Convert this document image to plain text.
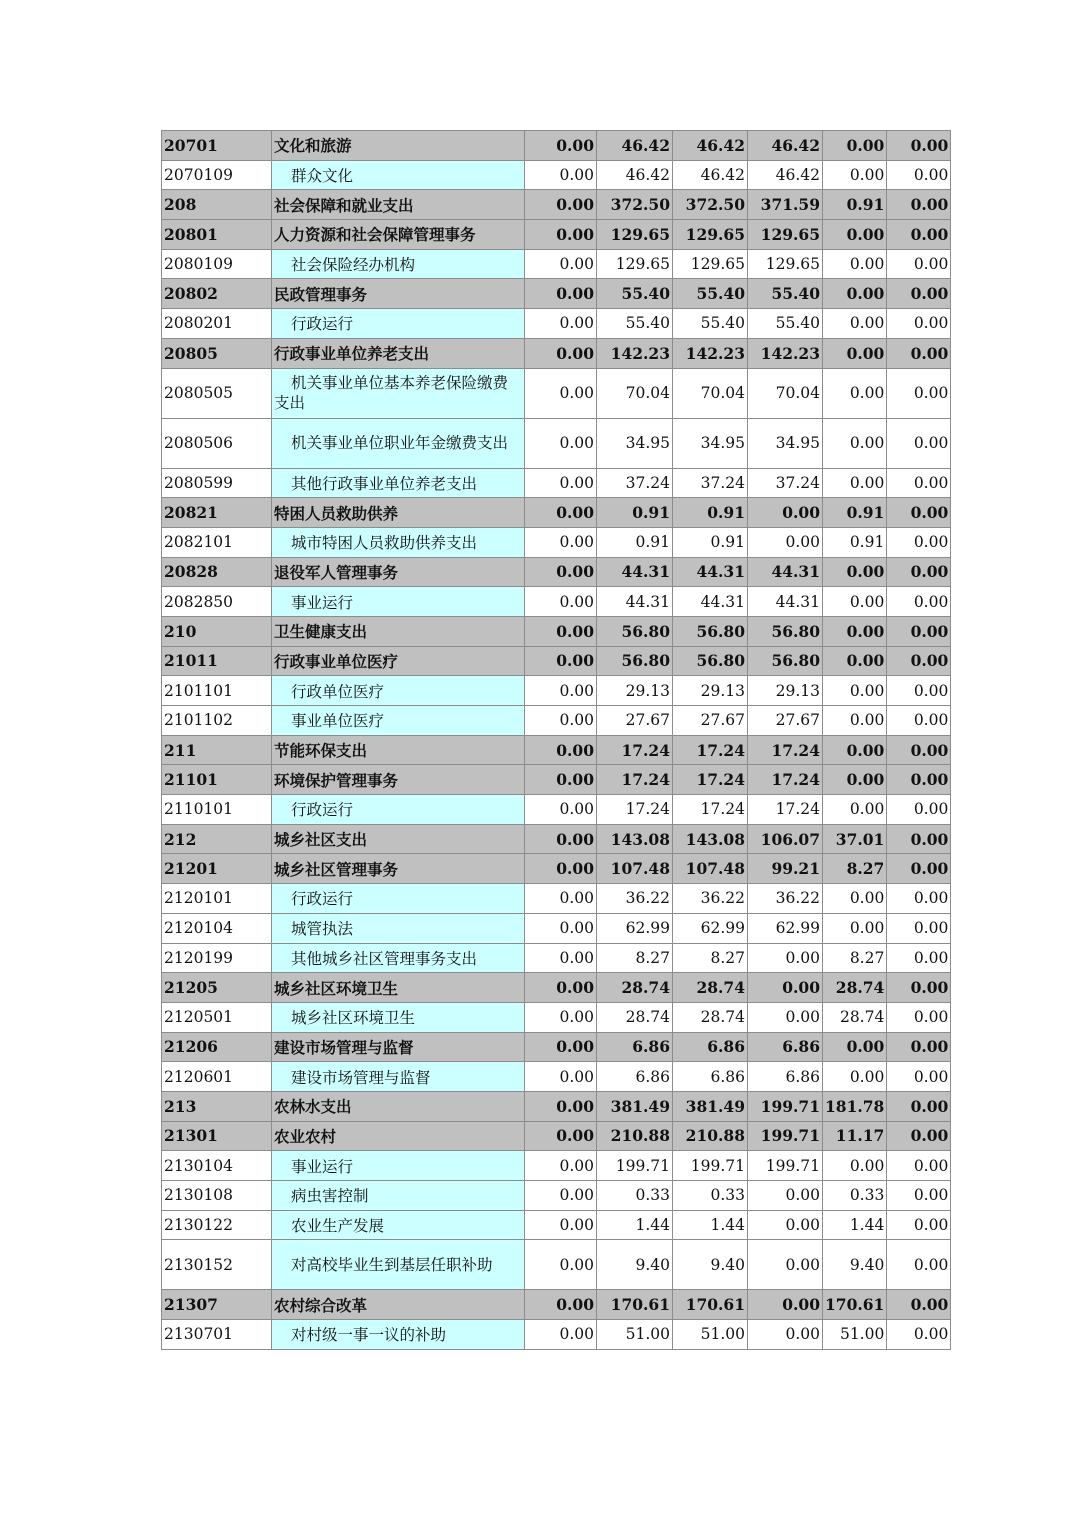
20701	文化和旅游	0.00	46.42	46.42	46.42	0.00	0.00
2070109	群众文化	0.00	46.42	46.42	46.42	0.00	0.00
208	社会保障和就业支出	0.00	372.50	372.50	371.59	0.91	0.00
20801	人力资源和社会保障管理事务	0.00	129.65	129.65	129.65	0.00	0.00
2080109	社会保险经办机构	0.00	129.65	129.65	129.65	0.00	0.00
20802	民政管理事务	0.00	55.40	55.40	55.40	0.00	0.00
2080201	行政运行	0.00	55.40	55.40	55.40	0.00	0.00
20805	行政事业单位养老支出	0.00	142.23	142.23	142.23	0.00	0.00
2080505	机关事业单位基本养老保险缴费支出	0.00	70.04	70.04	70.04	0.00	0.00
2080506	机关事业单位职业年金缴费支出	0.00	34.95	34.95	34.95	0.00	0.00
2080599	其他行政事业单位养老支出	0.00	37.24	37.24	37.24	0.00	0.00
20821	特困人员救助供养	0.00	0.91	0.91	0.00	0.91	0.00
2082101	城市特困人员救助供养支出	0.00	0.91	0.91	0.00	0.91	0.00
20828	退役军人管理事务	0.00	44.31	44.31	44.31	0.00	0.00
2082850	事业运行	0.00	44.31	44.31	44.31	0.00	0.00
210	卫生健康支出	0.00	56.80	56.80	56.80	0.00	0.00
21011	行政事业单位医疗	0.00	56.80	56.80	56.80	0.00	0.00
2101101	行政单位医疗	0.00	29.13	29.13	29.13	0.00	0.00
2101102	事业单位医疗	0.00	27.67	27.67	27.67	0.00	0.00
211	节能环保支出	0.00	17.24	17.24	17.24	0.00	0.00
21101	环境保护管理事务	0.00	17.24	17.24	17.24	0.00	0.00
2110101	行政运行	0.00	17.24	17.24	17.24	0.00	0.00
212	城乡社区支出	0.00	143.08	143.08	106.07	37.01	0.00
21201	城乡社区管理事务	0.00	107.48	107.48	99.21	8.27	0.00
2120101	行政运行	0.00	36.22	36.22	36.22	0.00	0.00
2120104	城管执法	0.00	62.99	62.99	62.99	0.00	0.00
2120199	其他城乡社区管理事务支出	0.00	8.27	8.27	0.00	8.27	0.00
21205	城乡社区环境卫生	0.00	28.74	28.74	0.00	28.74	0.00
2120501	城乡社区环境卫生	0.00	28.74	28.74	0.00	28.74	0.00
21206	建设市场管理与监督	0.00	6.86	6.86	6.86	0.00	0.00
2120601	建设市场管理与监督	0.00	6.86	6.86	6.86	0.00	0.00
213	农林水支出	0.00	381.49	381.49	199.71	181.78	0.00
21301	农业农村	0.00	210.88	210.88	199.71	11.17	0.00
2130104	事业运行	0.00	199.71	199.71	199.71	0.00	0.00
2130108	病虫害控制	0.00	0.33	0.33	0.00	0.33	0.00
2130122	农业生产发展	0.00	1.44	1.44	0.00	1.44	0.00
2130152	对高校毕业生到基层任职补助	0.00	9.40	9.40	0.00	9.40	0.00
21307	农村综合改革	0.00	170.61	170.61	0.00	170.61	0.00
2130701	对村级一事一议的补助	0.00	51.00	51.00	0.00	51.00	0.00
